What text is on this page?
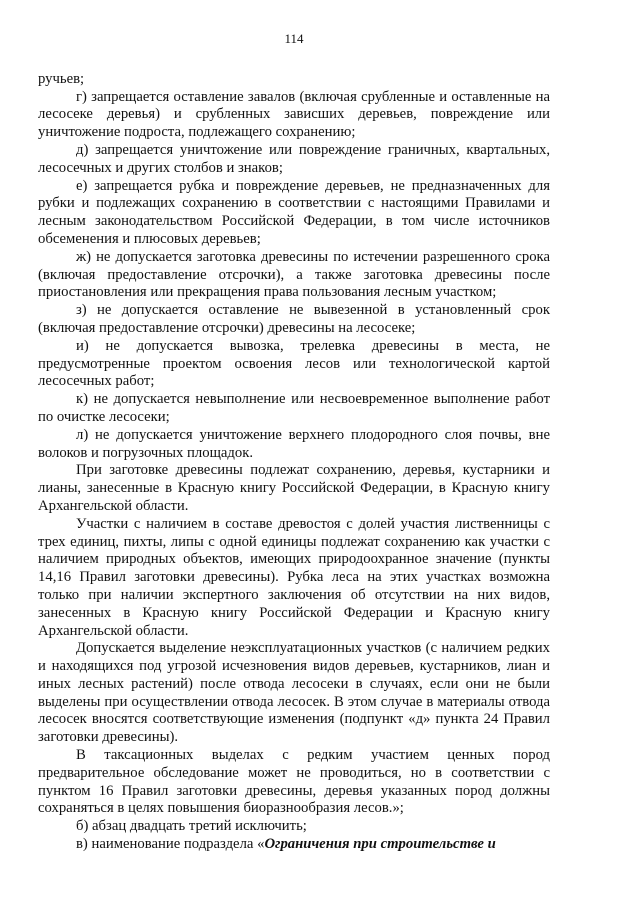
114

ручьев;

г) запрещается оставление завалов (включая срубленные и оставленные на лесосеке деревья) и срубленных зависших деревьев, повреждение или уничтожение подроста, подлежащего сохранению;

д) запрещается уничтожение или повреждение граничных, квартальных, лесосечных и других столбов и знаков;

е) запрещается рубка и повреждение деревьев, не предназначенных для рубки и подлежащих сохранению в соответствии с настоящими Правилами и лесным законодательством Российской Федерации, в том числе источников обсеменения и плюсовых деревьев;

ж) не допускается заготовка древесины по истечении разрешенного срока (включая предоставление отсрочки), а также заготовка древесины после приостановления или прекращения права пользования лесным участком;

з) не допускается оставление не вывезенной в установленный срок (включая предоставление отсрочки) древесины на лесосеке;

и) не допускается вывозка, трелевка древесины в места, не предусмотренные проектом освоения лесов или технологической картой лесосечных работ;

к) не допускается невыполнение или несвоевременное выполнение работ по очистке лесосеки;

л) не допускается уничтожение верхнего плодородного слоя почвы, вне волоков и погрузочных площадок.

При заготовке древесины подлежат сохранению, деревья, кустарники и лианы, занесенные в Красную книгу Российской Федерации, в Красную книгу Архангельской области.

Участки с наличием в составе древостоя с долей участия лиственницы с трех единиц, пихты, липы с одной единицы подлежат сохранению как участки с наличием природных объектов, имеющих природоохранное значение (пункты 14,16 Правил заготовки древесины). Рубка леса на этих участках возможна только при наличии экспертного заключения об отсутствии на них видов, занесенных в Красную книгу Российской Федерации и Красную книгу Архангельской области.

Допускается выделение неэксплуатационных участков (с наличием редких и находящихся под угрозой исчезновения видов деревьев, кустарников, лиан и иных лесных растений) после отвода лесосеки в случаях, если они не были выделены при осуществлении отвода лесосек. В этом случае в материалы отвода лесосек вносятся соответствующие изменения (подпункт «д» пункта 24 Правил заготовки древесины).

В таксационных выделах с редким участием ценных пород предварительное обследование может не проводиться, но в соответствии с пунктом 16 Правил заготовки древесины, деревья указанных пород должны сохраняться в целях повышения биоразнообразия лесов.»;

б) абзац двадцать третий исключить;

в) наименование подраздела «Ограничения при строительстве и
